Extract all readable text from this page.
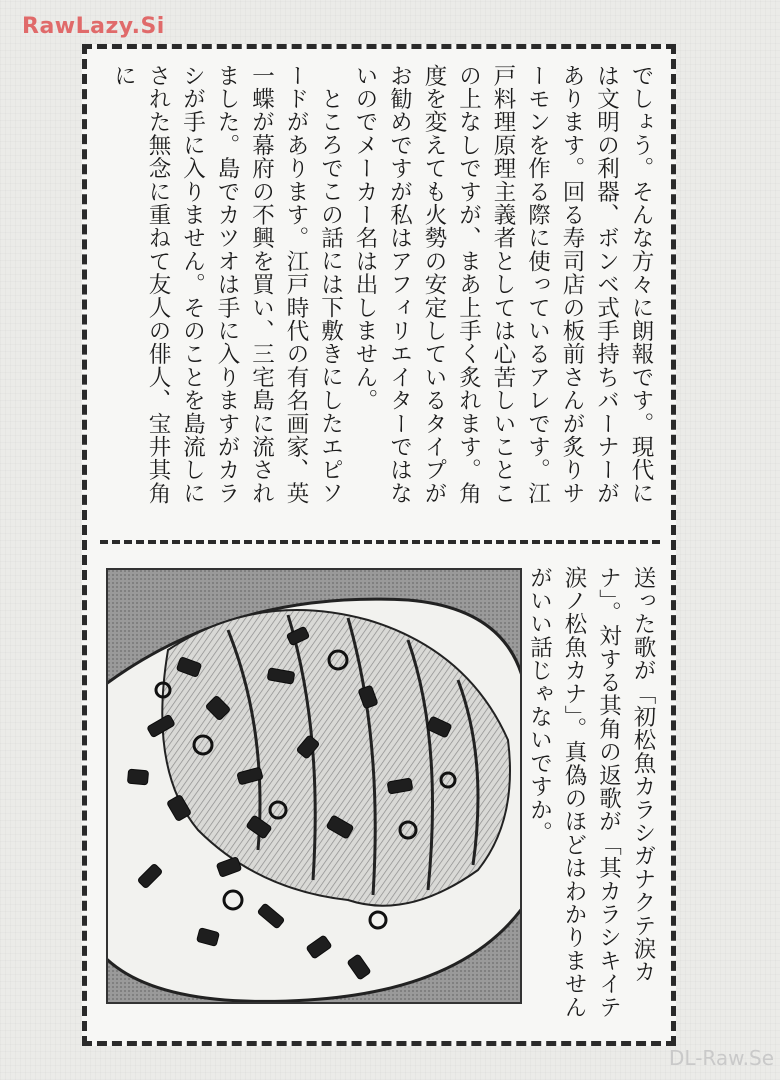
RawLazy.Si
DL-Raw.Se

でしょう。そんな方々に朗報です。現代には文明の利器、ボンベ式手持ちバーナーがあります。回る寿司店の板前さんが炙りサーモンを作る際に使っているアレです。江戸料理原理主義者としては心苦しいことこの上なしですが、まあ上手く炙れます。角度を変えても火勢の安定しているタイプがお勧めですが私はアフィリエイターではないのでメーカー名は出しません。

ところでこの話には下敷きにしたエピソードがあります。江戸時代の有名画家、英一蝶が幕府の不興を買い、三宅島に流されました。島でカツオは手に入りますがカラシが手に入りません。そのことを島流しにされた無念に重ねて友人の俳人、宝井其角に

送った歌が「初松魚カラシガナクテ涙カナ」。対する其角の返歌が「其カラシキイテ涙ノ松魚カナ」。真偽のほどはわかりませんがいい話じゃないですか。
